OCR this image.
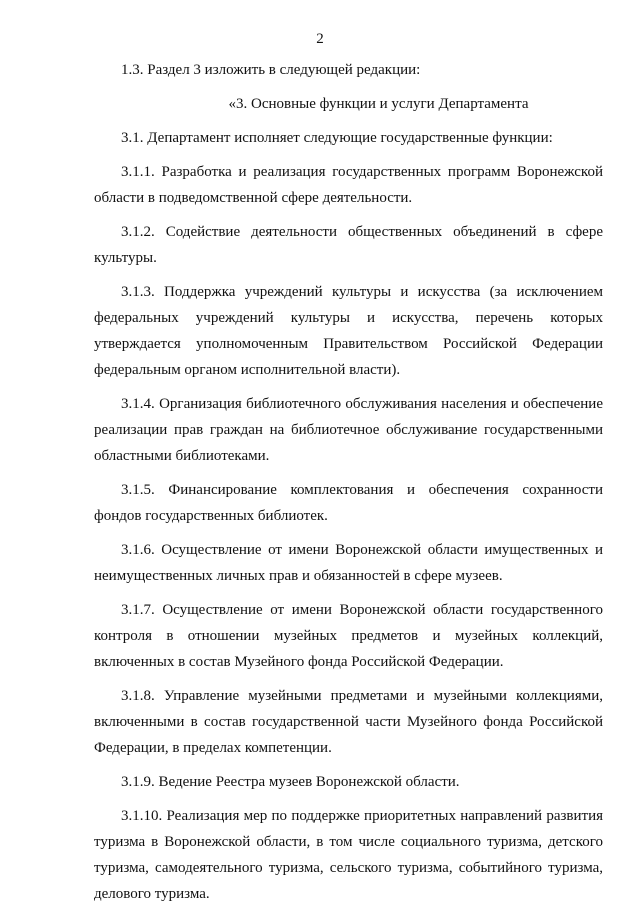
2

1.3. Раздел 3 изложить в следующей редакции:

«3. Основные функции и услуги Департамента

3.1. Департамент исполняет следующие государственные функции:

3.1.1. Разработка и реализация государственных программ Воронежской области в подведомственной сфере деятельности.

3.1.2. Содействие деятельности общественных объединений в сфере культуры.

3.1.3. Поддержка учреждений культуры и искусства (за исключением федеральных учреждений культуры и искусства, перечень которых утверждается уполномоченным Правительством Российской Федерации федеральным органом исполнительной власти).

3.1.4. Организация библиотечного обслуживания населения и обеспечение реализации прав граждан на библиотечное обслуживание государственными областными библиотеками.

3.1.5. Финансирование комплектования и обеспечения сохранности фондов государственных библиотек.

3.1.6. Осуществление от имени Воронежской области имущественных и неимущественных личных прав и обязанностей в сфере музеев.

3.1.7. Осуществление от имени Воронежской области государственного контроля в отношении музейных предметов и музейных коллекций, включенных в состав Музейного фонда Российской Федерации.

3.1.8. Управление музейными предметами и музейными коллекциями, включенными в состав государственной части Музейного фонда Российской Федерации, в пределах компетенции.

3.1.9. Ведение Реестра музеев Воронежской области.

3.1.10. Реализация мер по поддержке приоритетных направлений развития туризма в Воронежской области, в том числе социального туризма, детского туризма, самодеятельного туризма, сельского туризма, событийного туризма, делового туризма.
